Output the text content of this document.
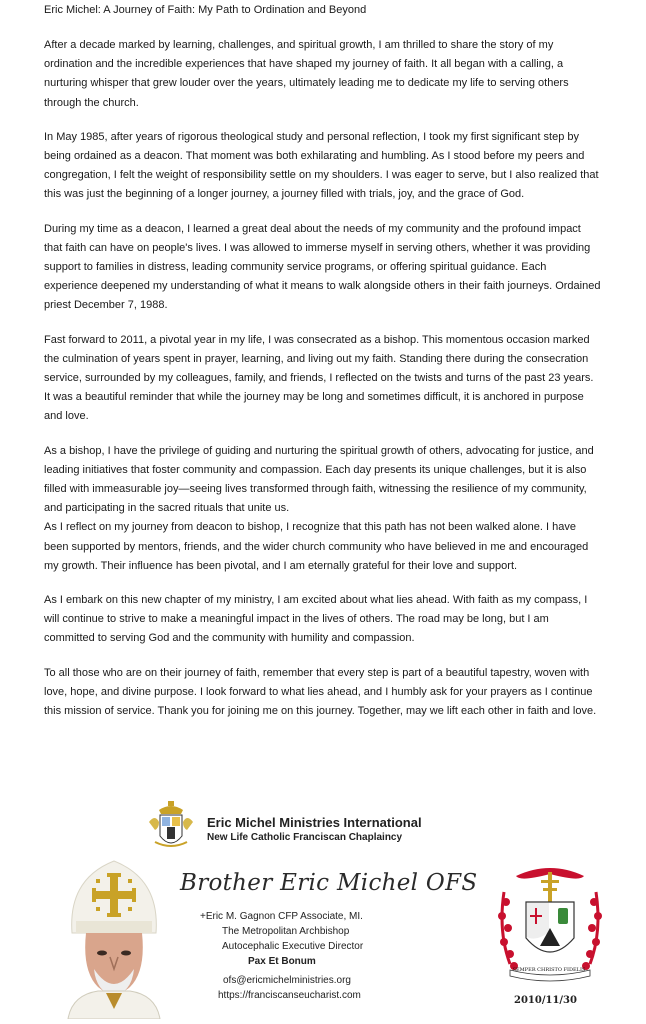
Eric Michel: A Journey of Faith: My Path to Ordination and Beyond

After a decade marked by learning, challenges, and spiritual growth, I am thrilled to share the story of my ordination and the incredible experiences that have shaped my journey of faith. It all began with a calling, a nurturing whisper that grew louder over the years, ultimately leading me to dedicate my life to serving others through the church.

In May 1985, after years of rigorous theological study and personal reflection, I took my first significant step by being ordained as a deacon. That moment was both exhilarating and humbling. As I stood before my peers and congregation, I felt the weight of responsibility settle on my shoulders. I was eager to serve, but I also realized that this was just the beginning of a longer journey, a journey filled with trials, joy, and the grace of God.

During my time as a deacon, I learned a great deal about the needs of my community and the profound impact that faith can have on people's lives. I was allowed to immerse myself in serving others, whether it was providing support to families in distress, leading community service programs, or offering spiritual guidance. Each experience deepened my understanding of what it means to walk alongside others in their faith journeys. Ordained priest December 7, 1988.

Fast forward to 2011, a pivotal year in my life, I was consecrated as a bishop. This momentous occasion marked the culmination of years spent in prayer, learning, and living out my faith. Standing there during the consecration service, surrounded by my colleagues, family, and friends, I reflected on the twists and turns of the past 23 years. It was a beautiful reminder that while the journey may be long and sometimes difficult, it is anchored in purpose and love.

As a bishop, I have the privilege of guiding and nurturing the spiritual growth of others, advocating for justice, and leading initiatives that foster community and compassion. Each day presents its unique challenges, but it is also filled with immeasurable joy—seeing lives transformed through faith, witnessing the resilience of my community, and participating in the sacred rituals that unite us.

As I reflect on my journey from deacon to bishop, I recognize that this path has not been walked alone. I have been supported by mentors, friends, and the wider church community who have believed in me and encouraged my growth. Their influence has been pivotal, and I am eternally grateful for their love and support.

As I embark on this new chapter of my ministry, I am excited about what lies ahead. With faith as my compass, I will continue to strive to make a meaningful impact in the lives of others. The road may be long, but I am committed to serving God and the community with humility and compassion.

To all those who are on their journey of faith, remember that every step is part of a beautiful tapestry, woven with love, hope, and divine purpose. I look forward to what lies ahead, and I humbly ask for your prayers as I continue this mission of service. Thank you for joining me on this journey. Together, may we lift each other in faith and love.

Eric Michel Ministries International
New Life Catholic Franciscan Chaplaincy
Brother Eric Michel OFS
+Eric M. Gagnon CFP Associate, MI.
The Metropolitan Archbishop
Autocephalic Executive Director
Pax Et Bonum
ofs@ericmichelministries.org
https://franciscanseucharist.com
SEMPER CHRISTO FIDELIS
2010/11/30
